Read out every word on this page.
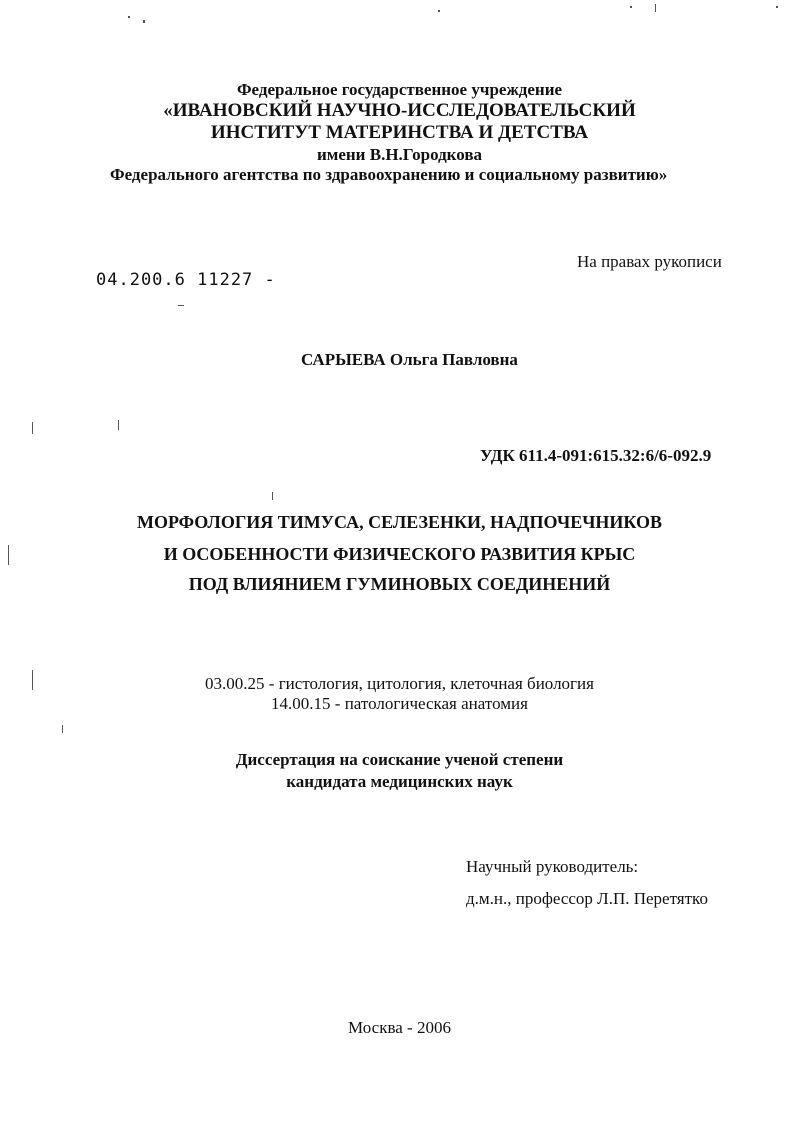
Федеральное государственное учреждение
«ИВАНОВСКИЙ НАУЧНО-ИССЛЕДОВАТЕЛЬСКИЙ
ИНСТИТУТ МАТЕРИНСТВА И ДЕТСТВА
имени В.Н.Городкова
Федерального агентства по здравоохранению и социальному развитию»
На правах рукописи
04.200.6 11227 -
САРЫЕВА Ольга Павловна
УДК 611.4-091:615.32:6/6-092.9
МОРФОЛОГИЯ ТИМУСА, СЕЛЕЗЕНКИ, НАДПОЧЕЧНИКОВ
И ОСОБЕННОСТИ ФИЗИЧЕСКОГО РАЗВИТИЯ КРЫС
ПОД ВЛИЯНИЕМ ГУМИНОВЫХ СОЕДИНЕНИЙ
03.00.25 - гистология, цитология, клеточная биология
14.00.15 - патологическая анатомия
Диссертация на соискание ученой степени
кандидата медицинских наук
Научный руководитель:
д.м.н., профессор Л.П. Перетятко
Москва - 2006
